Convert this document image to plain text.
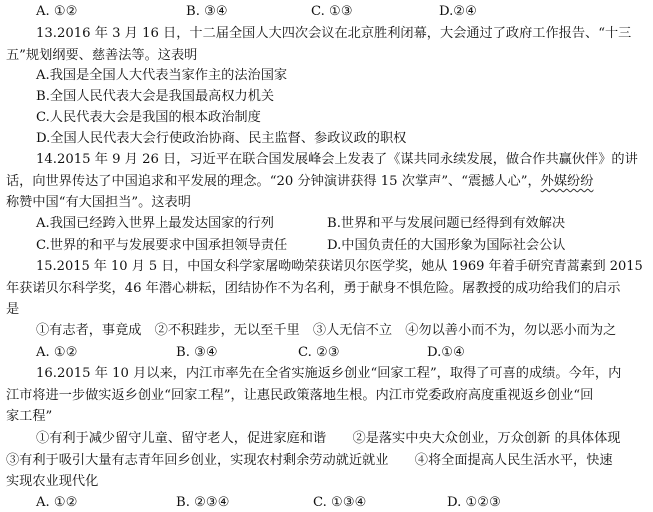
A. ①②	B. ③④	C. ①③	D.②④
13.2016 年 3 月 16 日，十二届全国人大四次会议在北京胜利闭幕，大会通过了政府工作报告、“十三
五”规划纲要、慈善法等。这表明
A.我国是全国人大代表当家作主的法治国家
B.全国人民代表大会是我国最高权力机关
C.人民代表大会是我国的根本政治制度
D.全国人民代表大会行使政治协商、民主监督、参政议政的职权
14.2015 年 9 月 26 日，习近平在联合国发展峰会上发表了《谋共同永续发展，做合作共赢伙伴》的讲
话，向世界传达了中国追求和平发展的理念。“20 分钟演讲获得 15 次掌声”、“震撼人心”，外媒纷纷
称赞中国“有大国担当”。这表明
A.我国已经跨入世界上最发达国家的行列	B.世界和平与发展问题已经得到有效解决
C.世界的和平与发展要求中国承担领导责任	D.中国负责任的大国形象为国际社会公认
15.2015 年 10 月 5 日，中国女科学家屠呦呦荣获诺贝尔医学奖，她从 1969 年着手研究青蒿素到 2015
年获诺贝尔科学奖，46 年潜心耕耘，团结协作不为名利，勇于献身不惧危险。屠教授的成功给我们的启示
是
①有志者，事竟成　②不积跬步，无以至千里　③人无信不立　④勿以善小而不为，勿以恶小而为之
A. ①②	B. ③④	C. ②③	D.①④
16.2015 年 10 月以来，内江市率先在全省实施返乡创业“回家工程”，取得了可喜的成绩。今年，内
江市将进一步做实返乡创业“回家工程”，让惠民政策落地生根。内江市党委政府高度重视返乡创业“回
家工程”
①有利于减少留守儿童、留守老人，促进家庭和谐　　②是落实中央大众创业，万众创新 的具体体现
③有利于吸引大量有志青年回乡创业，实现农村剩余劳动就近就业　　④将全面提高人民生活水平，快速
实现农业现代化
A. ①②	B. ②③④	C. ①③④	D. ①②③
